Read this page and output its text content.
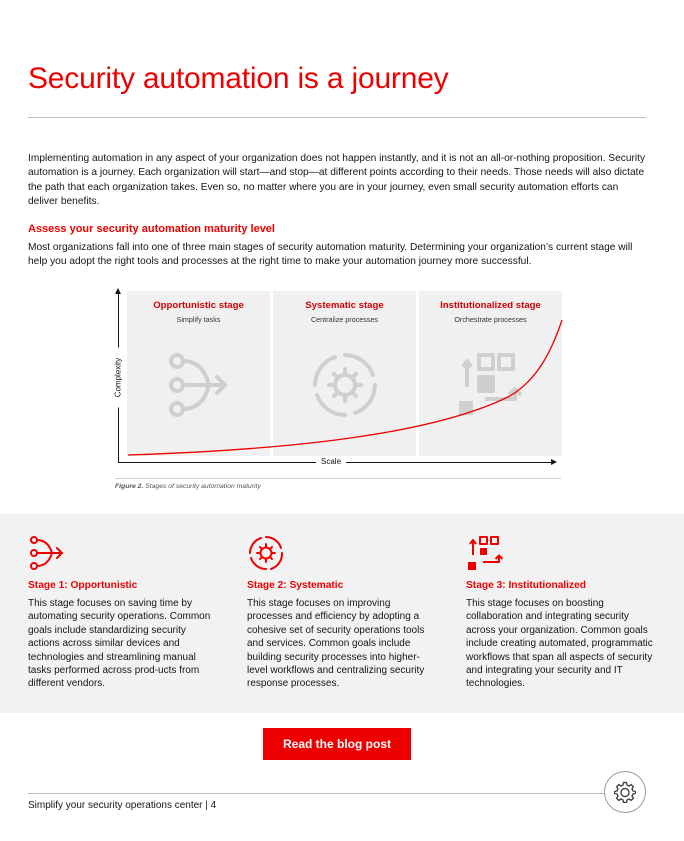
Security automation is a journey

Implementing automation in any aspect of your organization does not happen instantly, and it is not an all-or-nothing proposition. Security automation is a journey. Each organization will start—and stop—at different points according to their needs. Those needs will also dictate the path that each organization takes. Even so, no matter where you are in your journey, even small security automation efforts can deliver benefits.

Assess your security automation maturity level

Most organizations fall into one of three main stages of security automation maturity. Determining your organization’s current stage will help you adopt the right tools and processes at the right time to make your automation journey more successful.

Opportunistic stage
Simplify tasks
Systematic stage
Centralize processes
Institutionalized stage
Orchestrate processes
Complexity
Scale

Figure 2. Stages of security automation maturity

Stage 1: Opportunistic

This stage focuses on saving time by automating security operations. Common goals include standardizing security actions across similar devices and technologies and streamlining manual tasks performed across prod-ucts from different vendors.

Stage 2: Systematic

This stage focuses on improving processes and efficiency by adopting a cohesive set of security operations tools and services. Common goals include building security processes into higher-level workflows and centralizing security response processes.

Stage 3: Institutionalized

This stage focuses on boosting collaboration and integrating security across your organization. Common goals include creating automated, programmatic workflows that span all aspects of security and integrating your security and IT technologies.

Read the blog post

Simplify your security operations center | 4
